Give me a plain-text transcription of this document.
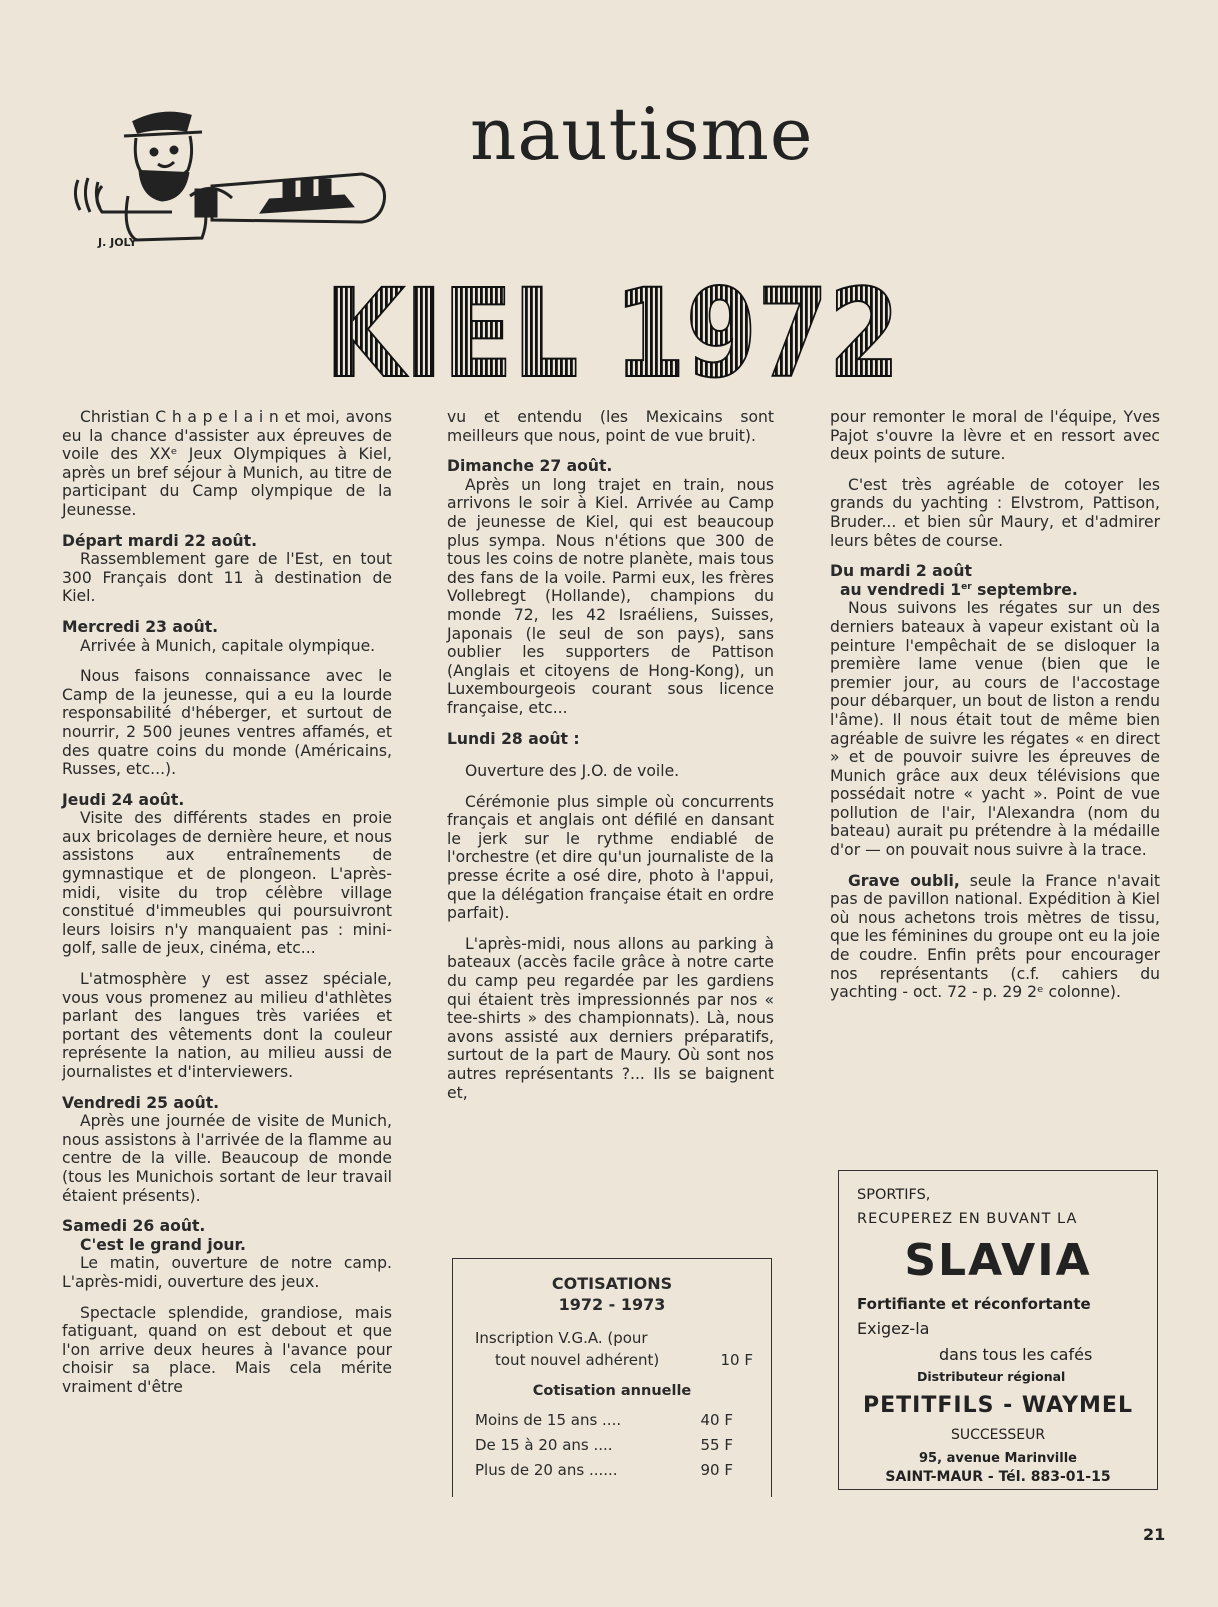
J. JOLY
nautisme
KIEL 1972

Christian C h a p e l a i n et moi, avons eu la chance d'assister aux épreuves de voile des XXᵉ Jeux Olympiques à Kiel, après un bref séjour à Munich, au titre de participant du Camp olympique de la Jeunesse.

Départ mardi 22 août.

Rassemblement gare de l'Est, en tout 300 Français dont 11 à destination de Kiel.

Mercredi 23 août.

Arrivée à Munich, capitale olympique.

Nous faisons connaissance avec le Camp de la jeunesse, qui a eu la lourde responsabilité d'héberger, et surtout de nourrir, 2 500 jeunes ventres affamés, et des quatre coins du monde (Américains, Russes, etc...).

Jeudi 24 août.

Visite des différents stades en proie aux bricolages de dernière heure, et nous assistons aux entraînements de gymnastique et de plongeon. L'après-midi, visite du trop célèbre village constitué d'immeubles qui poursuivront leurs loisirs n'y manquaient pas : mini-golf, salle de jeux, cinéma, etc...

L'atmosphère y est assez spéciale, vous vous promenez au milieu d'athlètes parlant des langues très variées et portant des vêtements dont la couleur représente la nation, au milieu aussi de journalistes et d'interviewers.

Vendredi 25 août.

Après une journée de visite de Munich, nous assistons à l'arrivée de la flamme au centre de la ville. Beaucoup de monde (tous les Munichois sortant de leur travail étaient présents).

Samedi 26 août.
C'est le grand jour.

Le matin, ouverture de notre camp. L'après-midi, ouverture des jeux.

Spectacle splendide, grandiose, mais fatiguant, quand on est debout et que l'on arrive deux heures à l'avance pour choisir sa place. Mais cela mérite vraiment d'être

vu et entendu (les Mexicains sont meilleurs que nous, point de vue bruit).

Dimanche 27 août.

Après un long trajet en train, nous arrivons le soir à Kiel. Arrivée au Camp de jeunesse de Kiel, qui est beaucoup plus sympa. Nous n'étions que 300 de tous les coins de notre planète, mais tous des fans de la voile. Parmi eux, les frères Vollebregt (Hollande), champions du monde 72, les 42 Israéliens, Suisses, Japonais (le seul de son pays), sans oublier les supporters de Pattison (Anglais et citoyens de Hong-Kong), un Luxembourgeois courant sous licence française, etc...

Lundi 28 août :

Ouverture des J.O. de voile.

Cérémonie plus simple où concurrents français et anglais ont défilé en dansant le jerk sur le rythme endiablé de l'orchestre (et dire qu'un journaliste de la presse écrite a osé dire, photo à l'appui, que la délégation française était en ordre parfait).

L'après-midi, nous allons au parking à bateaux (accès facile grâce à notre carte du camp peu regardée par les gardiens qui étaient très impressionnés par nos « tee-shirts » des championnats). Là, nous avons assisté aux derniers préparatifs, surtout de la part de Maury. Où sont nos autres représentants ?... Ils se baignent et,

pour remonter le moral de l'équipe, Yves Pajot s'ouvre la lèvre et en ressort avec deux points de suture.

C'est très agréable de cotoyer les grands du yachting : Elvstrom, Pattison, Bruder... et bien sûr Maury, et d'admirer leurs bêtes de course.

Du mardi 2 août
au vendredi 1er septembre.

Nous suivons les régates sur un des derniers bateaux à vapeur existant où la peinture l'empêchait de se disloquer la première lame venue (bien que le premier jour, au cours de l'accostage pour débarquer, un bout de liston a rendu l'âme). Il nous était tout de même bien agréable de suivre les régates « en direct » et de pouvoir suivre les épreuves de Munich grâce aux deux télévisions que possédait notre « yacht ». Point de vue pollution de l'air, l'Alexandra (nom du bateau) aurait pu prétendre à la médaille d'or — on pouvait nous suivre à la trace.

Grave oubli, seule la France n'avait pas de pavillon national. Expédition à Kiel où nous achetons trois mètres de tissu, que les féminines du groupe ont eu la joie de coudre. Enfin prêts pour encourager nos représentants (c.f. cahiers du yachting - oct. 72 - p. 29 2ᵉ colonne).

COTISATIONS
1972 - 1973
Inscription V.G.A. (pour
tout nouvel adhérent)	10 F
Cotisation annuelle
Moins de 15 ans ....	40 F
De 15 à 20 ans ....	55 F
Plus de 20 ans ......	90 F
SPORTIFS,
RECUPEREZ EN BUVANT LA
SLAVIA
Fortifiante et réconfortante
Exigez-la
dans tous les cafés
Distributeur régional
PETITFILS - WAYMEL
SUCCESSEUR
95, avenue Marinville
SAINT-MAUR - Tél. 883-01-15
21
